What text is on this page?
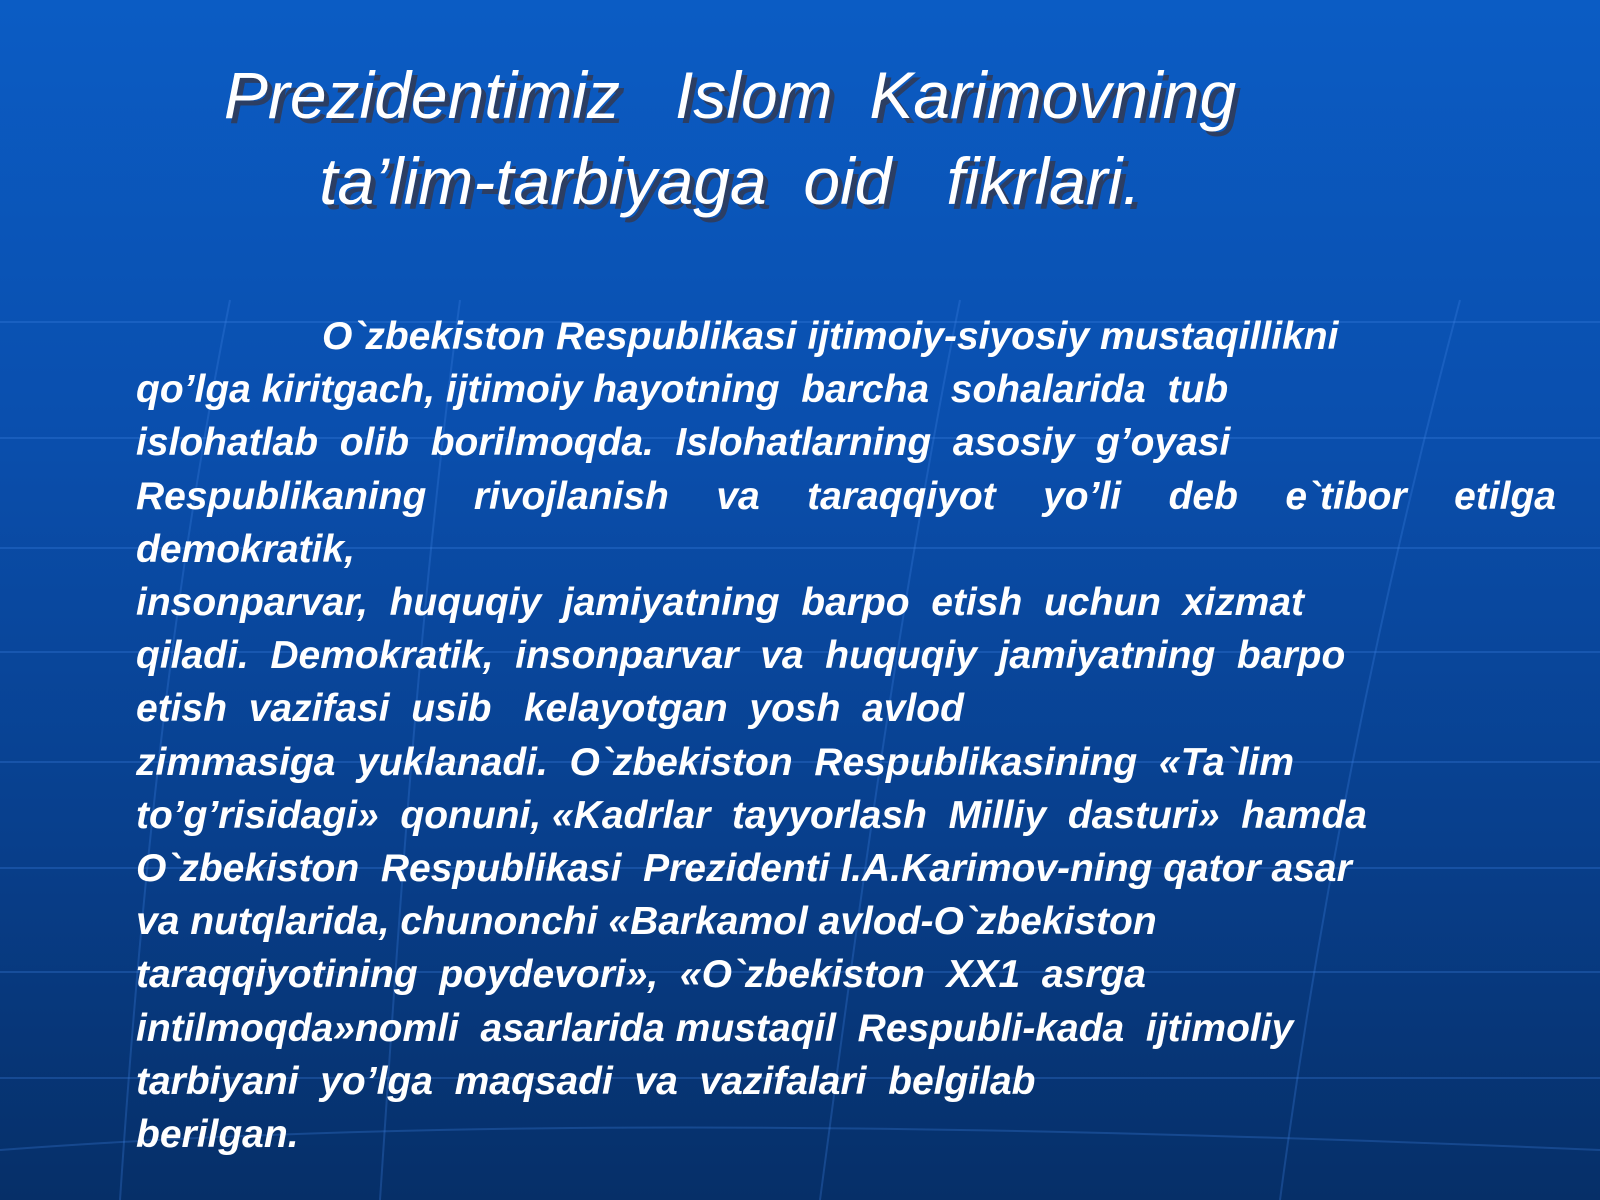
Prezidentimiz   Islom  Karimovning
ta’lim-tarbiyaga  oid   fikrlari.
O`zbekiston Respublikasi ijtimoiy-siyosiy mustaqillikni
qo’lga kiritgach, ijtimoiy hayotning  barcha  sohalarida  tub
islohatlab  olib  borilmoqda.  Islohatlarning  asosiy  g’oyasi
Respublikaning  rivojlanish  va  taraqqiyot  yo’li  deb  e`tibor  etilga
demokratik,
insonparvar,  huquqiy  jamiyatning  barpo  etish  uchun  xizmat
qiladi.  Demokratik,  insonparvar  va  huquqiy  jamiyatning  barpo
etish  vazifasi  usib   kelayotgan  yosh  avlod
zimmasiga  yuklanadi.  O`zbekiston  Respublikasining  «Ta`lim
to’g’risidagi»  qonuni, «Kadrlar  tayyorlash  Milliy  dasturi»  hamda
O`zbekiston  Respublikasi  Prezidenti I.A.Karimov-ning qator asar
va nutqlarida, chunonchi «Barkamol avlod-O`zbekiston
taraqqiyotining  poydevori»,  «O`zbekiston  XX1  asrga
intilmoqda»nomli  asarlarida mustaqil  Respubli-kada  ijtimoliy
tarbiyani  yo’lga  maqsadi  va  vazifalari  belgilab
berilgan.
